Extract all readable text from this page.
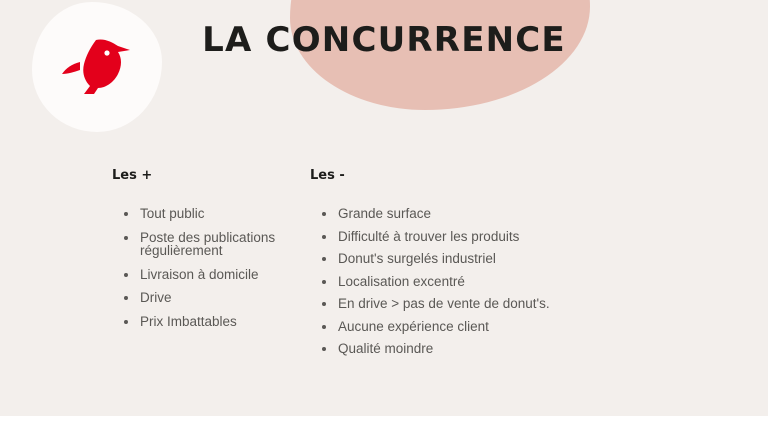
LA CONCURRENCE
Les +
Tout public
Poste des publications régulièrement
Livraison à domicile
Drive
Prix Imbattables
Les -
Grande surface
Difficulté à trouver les produits
Donut's surgelés industriel
Localisation excentré
En drive > pas de vente de donut's.
Aucune expérience client
Qualité moindre
